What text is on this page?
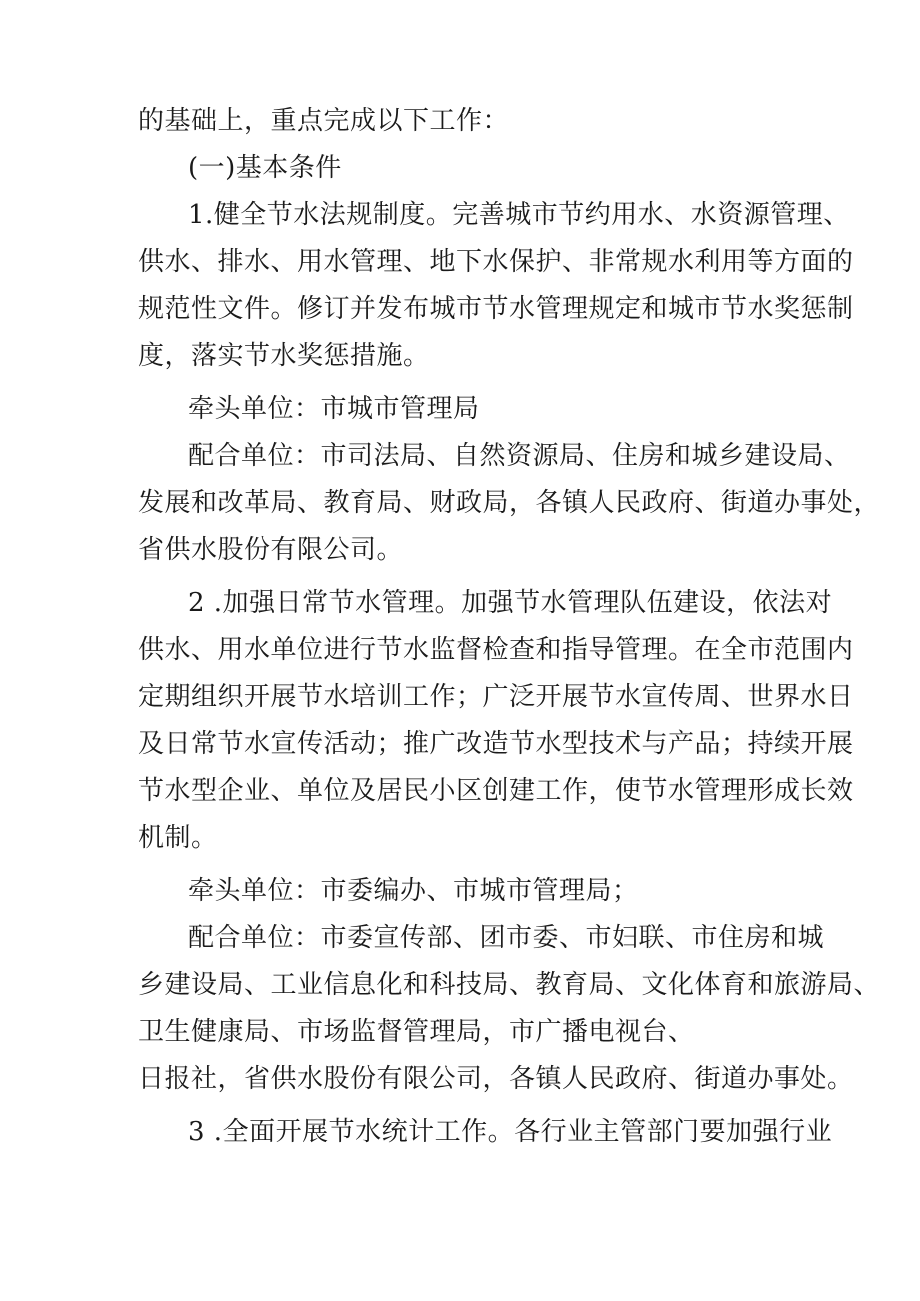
的基础上，重点完成以下工作：
(一)基本条件
1.健全节水法规制度。完善城市节约用水、水资源管理、
供水、排水、用水管理、地下水保护、非常规水利用等方面的
规范性文件。修订并发布城市节水管理规定和城市节水奖惩制
度，落实节水奖惩措施。
牵头单位：市城市管理局
配合单位：市司法局、自然资源局、住房和城乡建设局、
发展和改革局、教育局、财政局，各镇人民政府、街道办事处，
省供水股份有限公司。
2 .加强日常节水管理。加强节水管理队伍建设，依法对
供水、用水单位进行节水监督检查和指导管理。在全市范围内
定期组织开展节水培训工作；广泛开展节水宣传周、世界水日
及日常节水宣传活动；推广改造节水型技术与产品；持续开展
节水型企业、单位及居民小区创建工作，使节水管理形成长效
机制。
牵头单位：市委编办、市城市管理局；
配合单位：市委宣传部、团市委、市妇联、市住房和城
乡建设局、工业信息化和科技局、教育局、文化体育和旅游局、
卫生健康局、市场监督管理局，市广播电视台、
日报社，省供水股份有限公司，各镇人民政府、街道办事处。
3 .全面开展节水统计工作。各行业主管部门要加强行业
